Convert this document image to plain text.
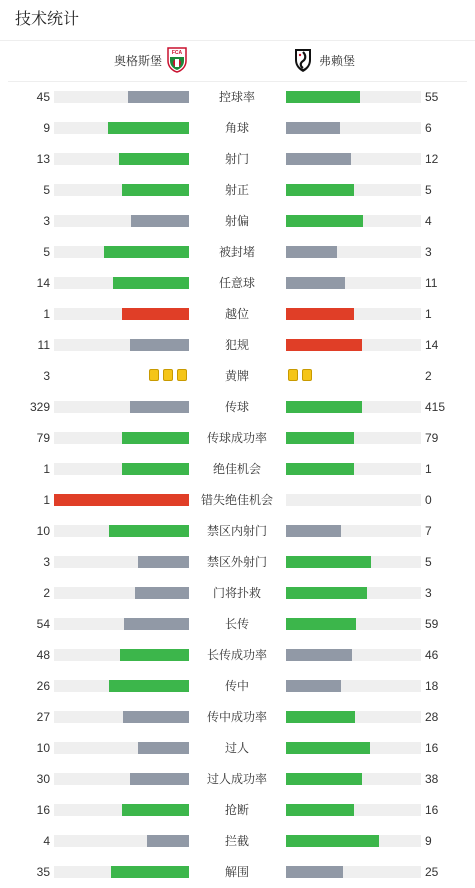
技术统计
奥格斯堡
FCA
弗赖堡
45	控球率	55
9	角球	6
13	射门	12
5	射正	5
3	射偏	4
5	被封堵	3
14	任意球	11
1	越位	1
11	犯规	14
3	黄牌	2
329	传球	415
79	传球成功率	79
1	绝佳机会	1
1	错失绝佳机会	0
10	禁区内射门	7
3	禁区外射门	5
2	门将扑救	3
54	长传	59
48	长传成功率	46
26	传中	18
27	传中成功率	28
10	过人	16
30	过人成功率	38
16	抢断	16
4	拦截	9
35	解围	25
